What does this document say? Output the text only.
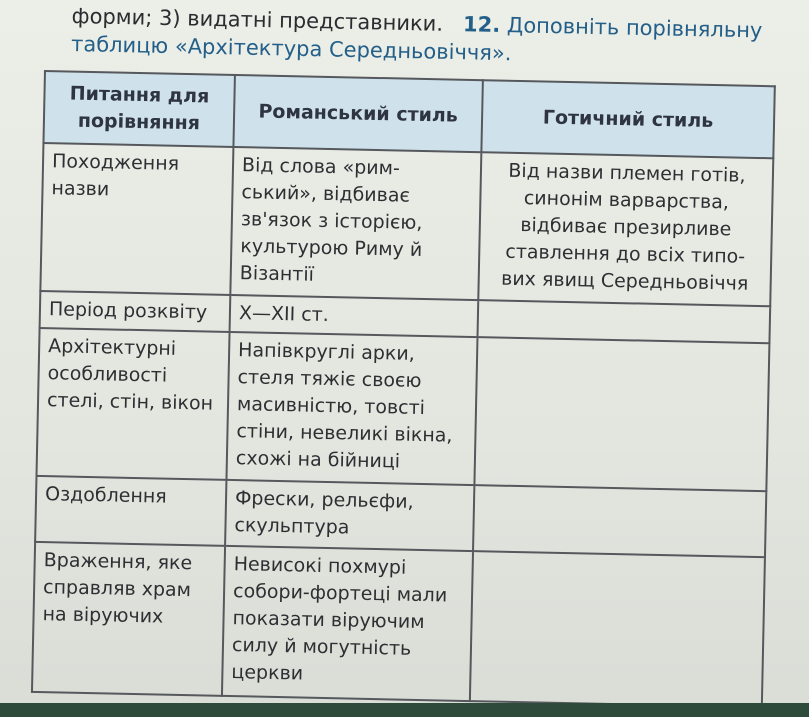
форми; 3) видатні представники. 12. Доповніть порівняльну
таблицю «Архітектура Середньовіччя».
Питання для порівняння	Романський стиль	Готичний стиль
Походження назви	Від слова «рим-ський», відбиває зв'язок з історією, культурою Риму й Візантії	Від назви племен готів, синонім варварства, відбиває презирливе ставлення до всіх типо-вих явищ Середньовіччя
Період розквіту	X—XII ст.	
Архітектурні особливості стелі, стін, вікон	Напівкруглі арки, стеля тяжіє своєю масивністю, товсті стіни, невеликі вікна, схожі на бійниці	
Оздоблення	Фрески, рельєфи, скульптура	
Враження, яке справляв храм на віруючих	Невисокі похмурі собори-фортеці мали показати віруючим силу й могутність церкви	
